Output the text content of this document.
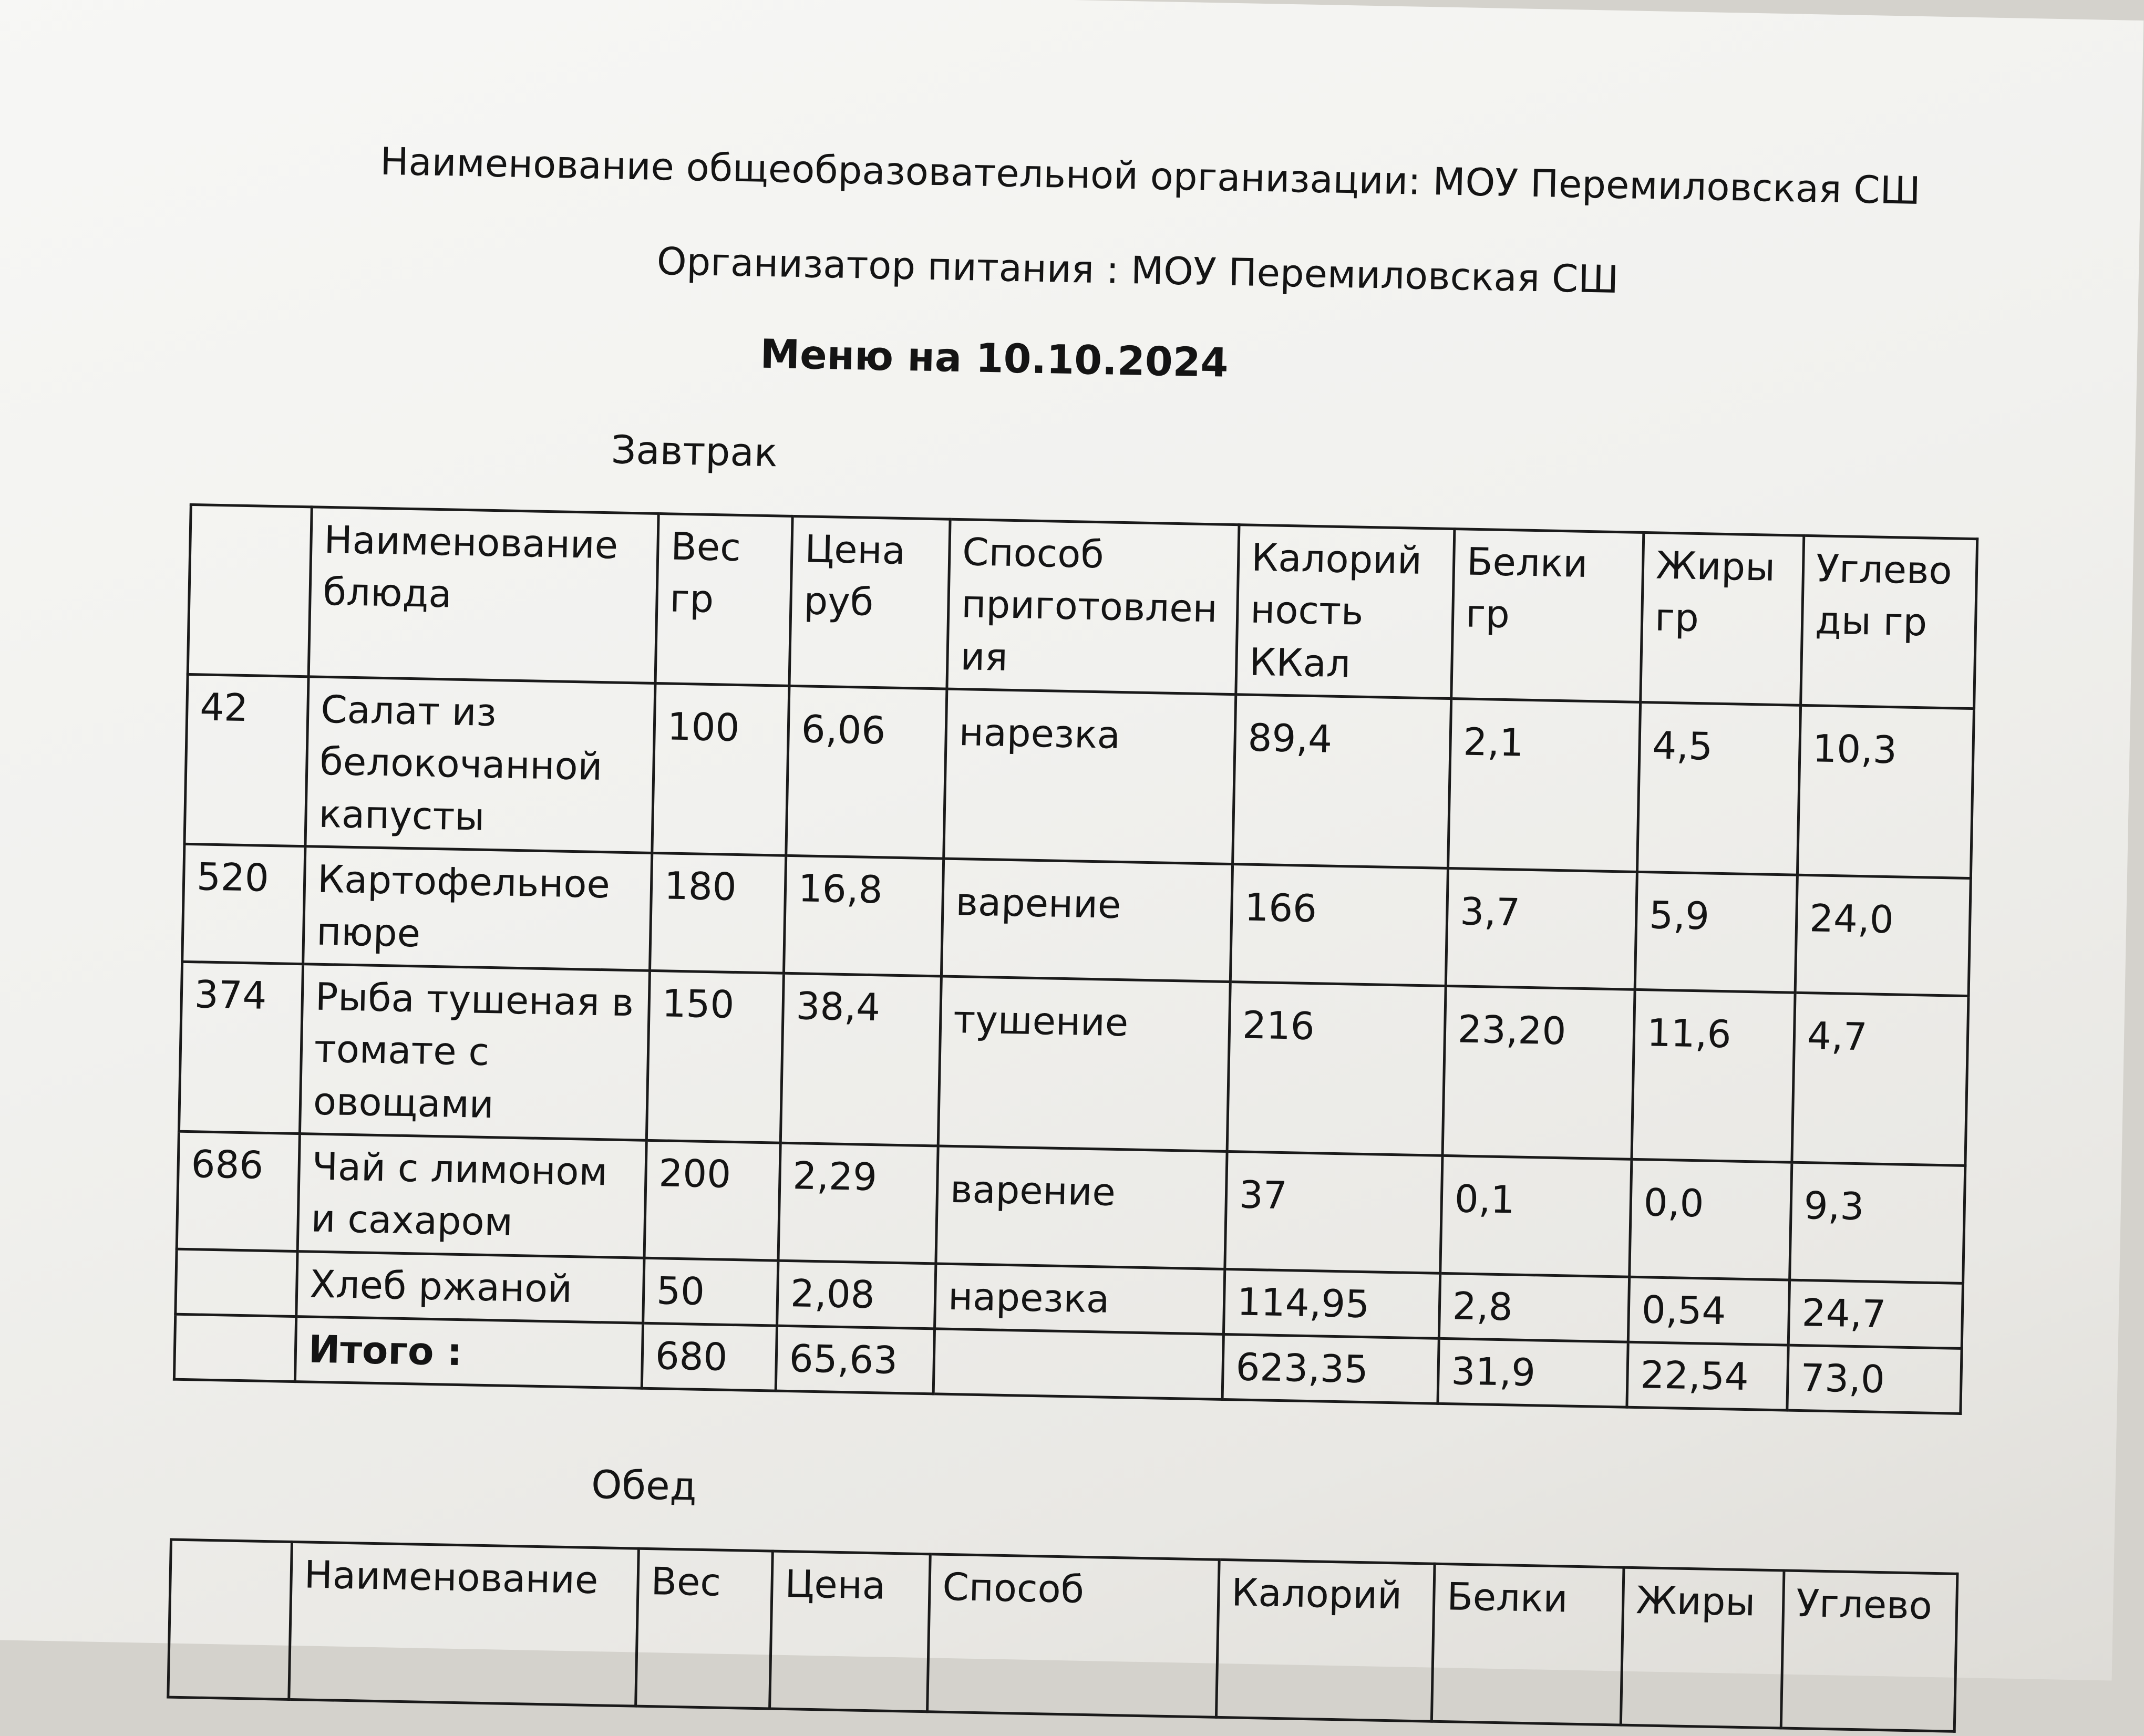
Наименование общеобразовательной организации: МОУ Перемиловская СШ
Организатор питания : МОУ Перемиловская СШ
Меню на 10.10.2024
Завтрак
	Наименование блюда	Вес гр	Цена руб	Способ приготовлен ия	Калорий ность ККал	Белки гр	Жиры гр	Углево ды гр
42	Салат из белокочанной капусты	100	6,06	нарезка	89,4	2,1	4,5	10,3
520	Картофельное пюре	180	16,8	варение	166	3,7	5,9	24,0
374	Рыба тушеная в томате с овощами	150	38,4	тушение	216	23,20	11,6	4,7
686	Чай с лимоном и сахаром	200	2,29	варение	37	0,1	0,0	9,3
	Хлеб ржаной	50	2,08	нарезка	114,95	2,8	0,54	24,7
	Итого :	680	65,63		623,35	31,9	22,54	73,0
Обед
	Наименование	Вес	Цена	Способ	Калорий	Белки	Жиры	Углево
